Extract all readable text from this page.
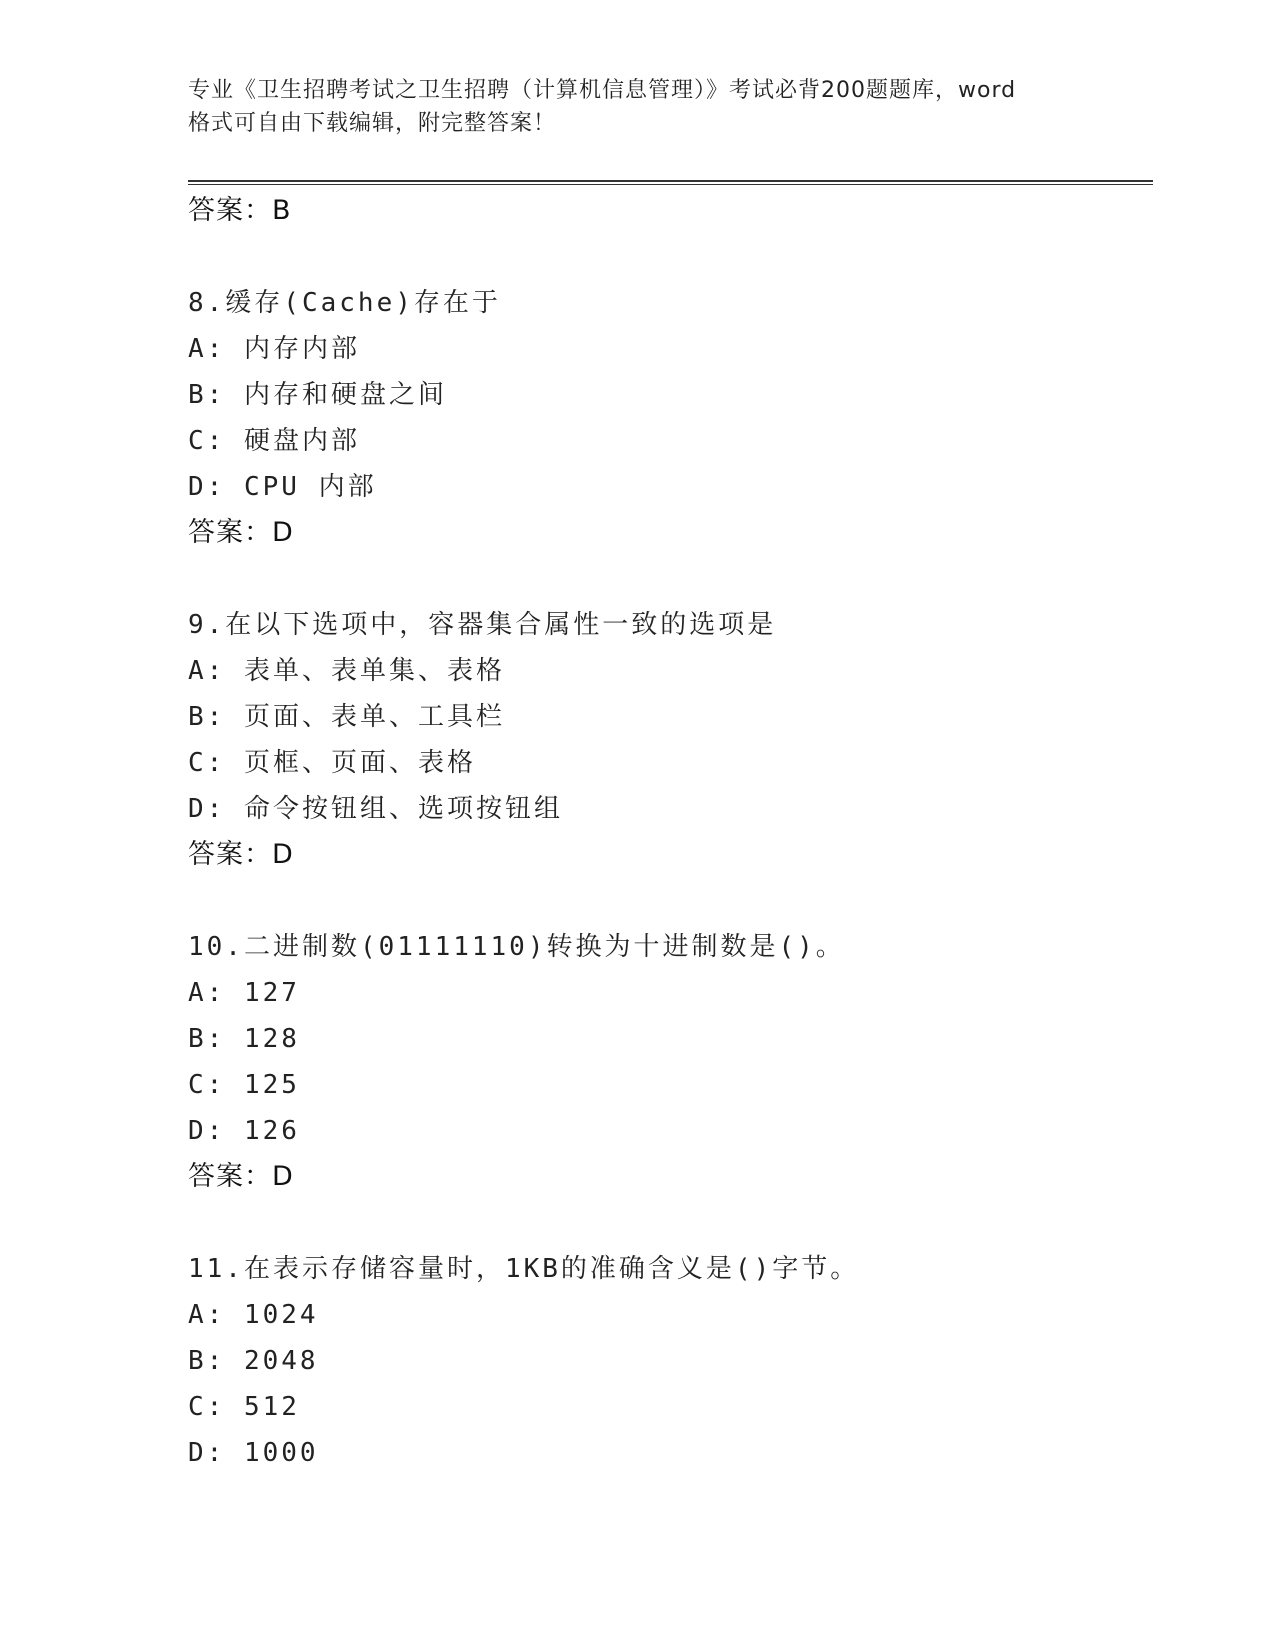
专业《卫生招聘考试之卫生招聘（计算机信息管理）》考试必背200题题库，word
格式可自由下载编辑，附完整答案！
答案：B
8.缓存(Cache)存在于
A: 内存内部
B: 内存和硬盘之间
C: 硬盘内部
D: CPU 内部
答案：D
9.在以下选项中，容器集合属性一致的选项是
A: 表单、表单集、表格
B: 页面、表单、工具栏
C: 页框、页面、表格
D: 命令按钮组、选项按钮组
答案：D
10.二进制数(01111110)转换为十进制数是()。
A: 127
B: 128
C: 125
D: 126
答案：D
11.在表示存储容量时，1KB的准确含义是()字节。
A: 1024
B: 2048
C: 512
D: 1000
